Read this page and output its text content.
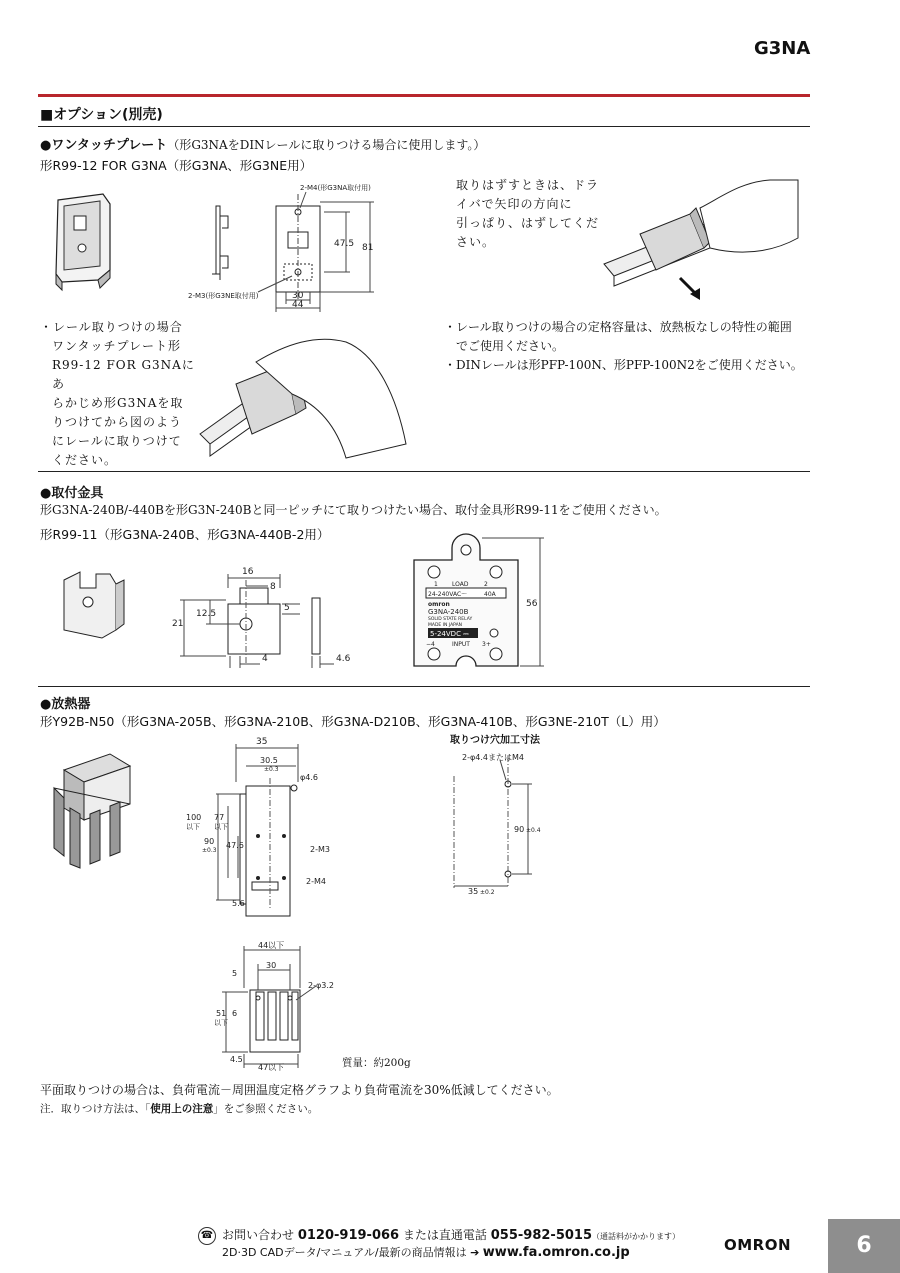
G3NA
■オプション(別売)
●ワンタッチプレート（形G3NAをDINレールに取りつける場合に使用します。）
形R99-12 FOR G3NA（形G3NA、形G3NE用）
2-M4(形G3NA取付用)
2-M3(形G3NE取付用)
47.5 81
30
44
取りはずすときは、ドラ
イバで矢印の方向に
引っぱり、はずしてくだ
さい。
・レール取りつけの場合
ワンタッチプレート形
R99-12 FOR G3NAにあ
らかじめ形G3NAを取
りつけてから図のよう
にレールに取りつけて
ください。
・レール取りつけの場合の定格容量は、放熱板なしの特性の範囲
でご使用ください。
・DINレールは形PFP-100N、形PFP-100N2をご使用ください。
●取付金具
形G3NA-240B/-440Bを形G3N-240Bと同一ピッチにて取りつけたい場合、取付金具形R99-11をご使用ください。
形R99-11（形G3NA-240B、形G3NA-440B-2用）
16
8
12.5
21
5
4	4.6
1 LOAD	2
24-240VAC〜	40A
omron
G3NA-240B
SOLID STATE RELAY
MADE IN JAPAN
5-24VDC ⎓
−4	INPUT 3+
56
●放熱器
形Y92B-N50（形G3NA-205B、形G3NA-210B、形G3NA-D210B、形G3NA-410B、形G3NE-210T（L）用）
35
30.5
±0.3
φ4.6
100
以下
77
以下
90
±0.3
47.6	2-M3
2-M4
5.6
取りつけ穴加工寸法
2-φ4.4またはM4
90 ±0.4
35 ±0.2
44以下
30
5
2-φ3.2
51
以下
6
4.5
47以下	質量：約200g
平面取りつけの場合は、負荷電流－周囲温度定格グラフより負荷電流を30%低減してください。
注．取りつけ方法は、「使用上の注意」をご参照ください。
☎ お問い合わせ 0120-919-066 または直通電話 055-982-5015（通話料がかかります）
2D·3D CADデータ/マニュアル/最新の商品情報は ➔ www.fa.omron.co.jp	OMRON	6
